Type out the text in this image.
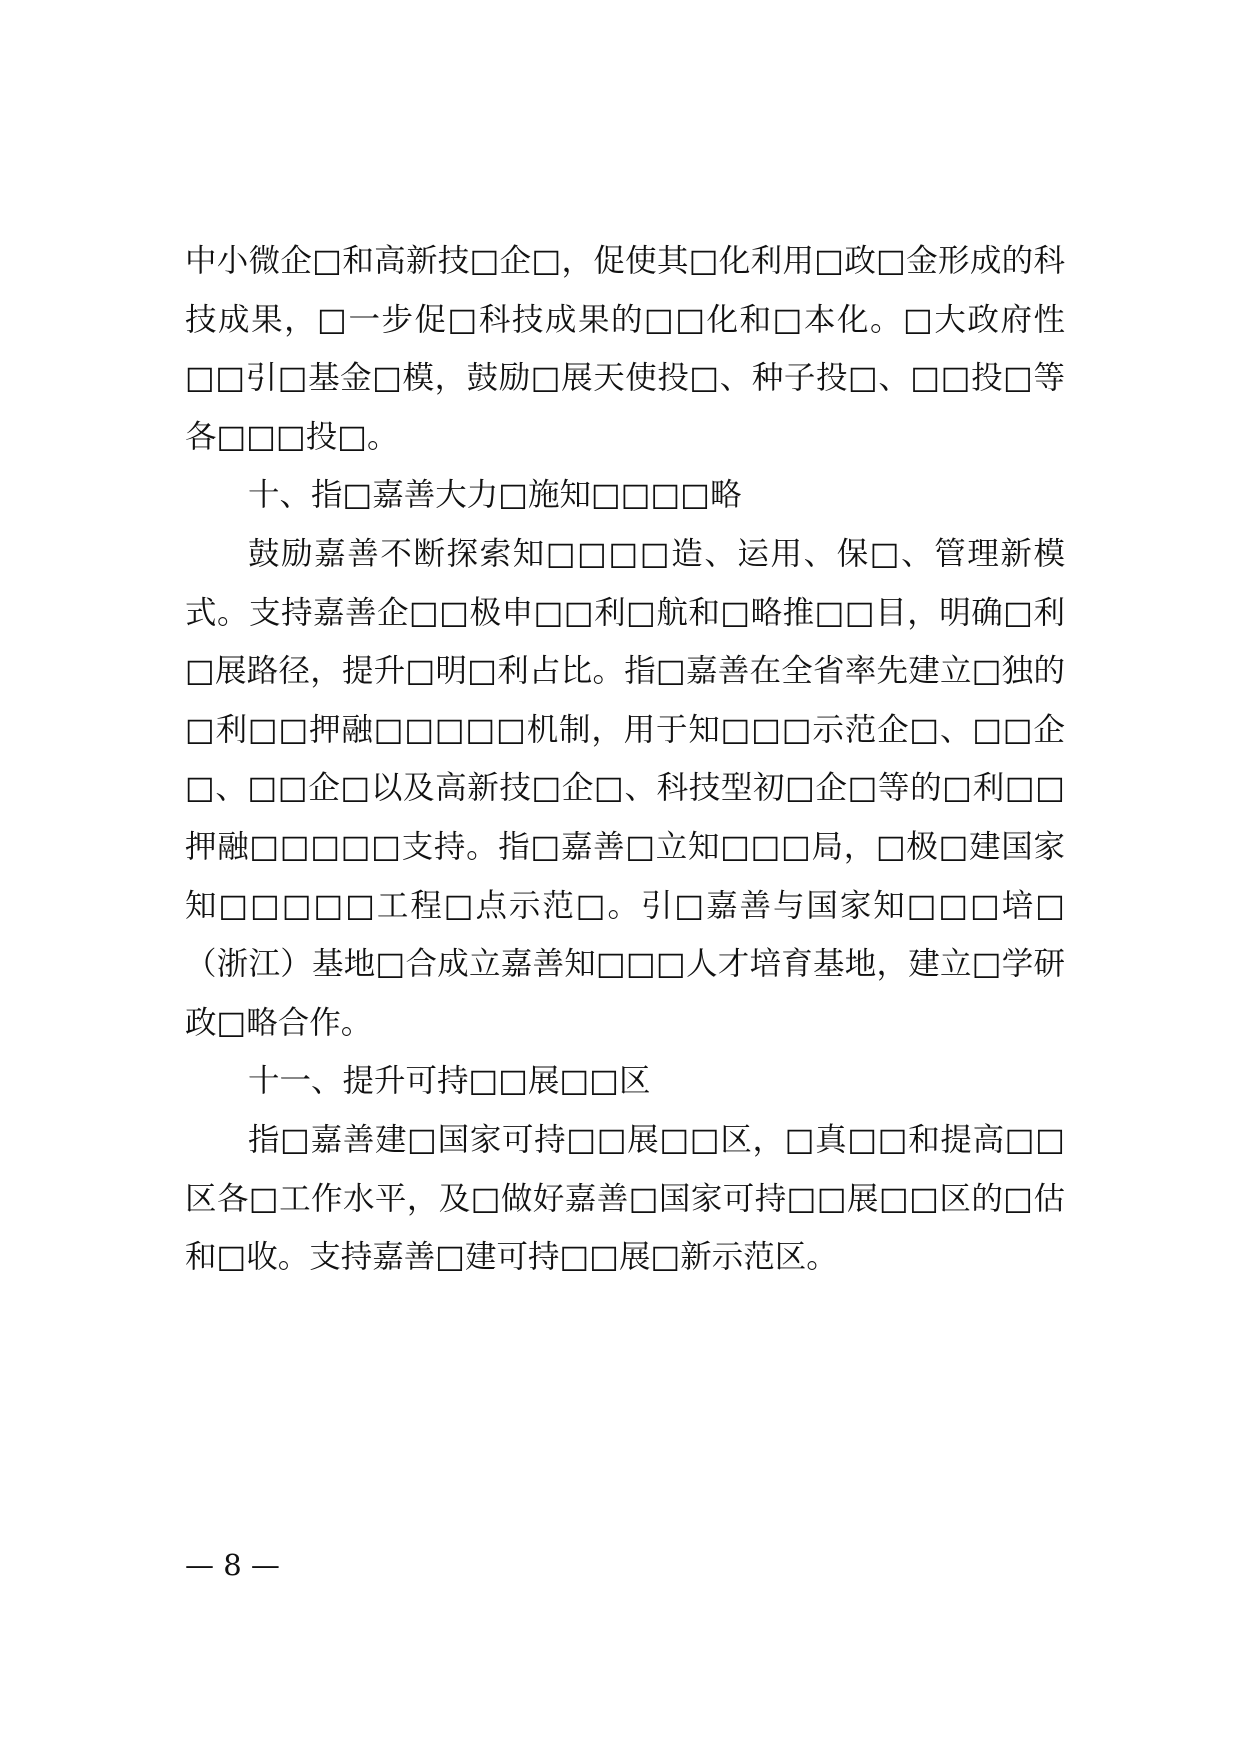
中小微企□和高新技□企□，促使其□化利用□政□金形成的科技成果，□一步促□科技成果的□□化和□本化。□大政府性□□引□基金□模，鼓励□展天使投□、种子投□、□□投□等各□□□投□。

十、指□嘉善大力□施知□□□□略

鼓励嘉善不断探索知□□□□造、运用、保□、管理新模式。支持嘉善企□□极申□□利□航和□略推□□目，明确□利□展路径，提升□明□利占比。指□嘉善在全省率先建立□独的□利□□押融□□□□□机制，用于知□□□示范企□、□□企□、□□企□以及高新技□企□、科技型初□企□等的□利□□押融□□□□□支持。指□嘉善□立知□□□局，□极□建国家知□□□□□工程□点示范□。引□嘉善与国家知□□□培□（浙江）基地□合成立嘉善知□□□人才培育基地，建立□学研政□略合作。

十一、提升可持□□展□□区

指□嘉善建□国家可持□□展□□区，□真□□和提高□□区各□工作水平，及□做好嘉善□国家可持□□展□□区的□估和□收。支持嘉善□建可持□□展□新示范区。

— 8 —
